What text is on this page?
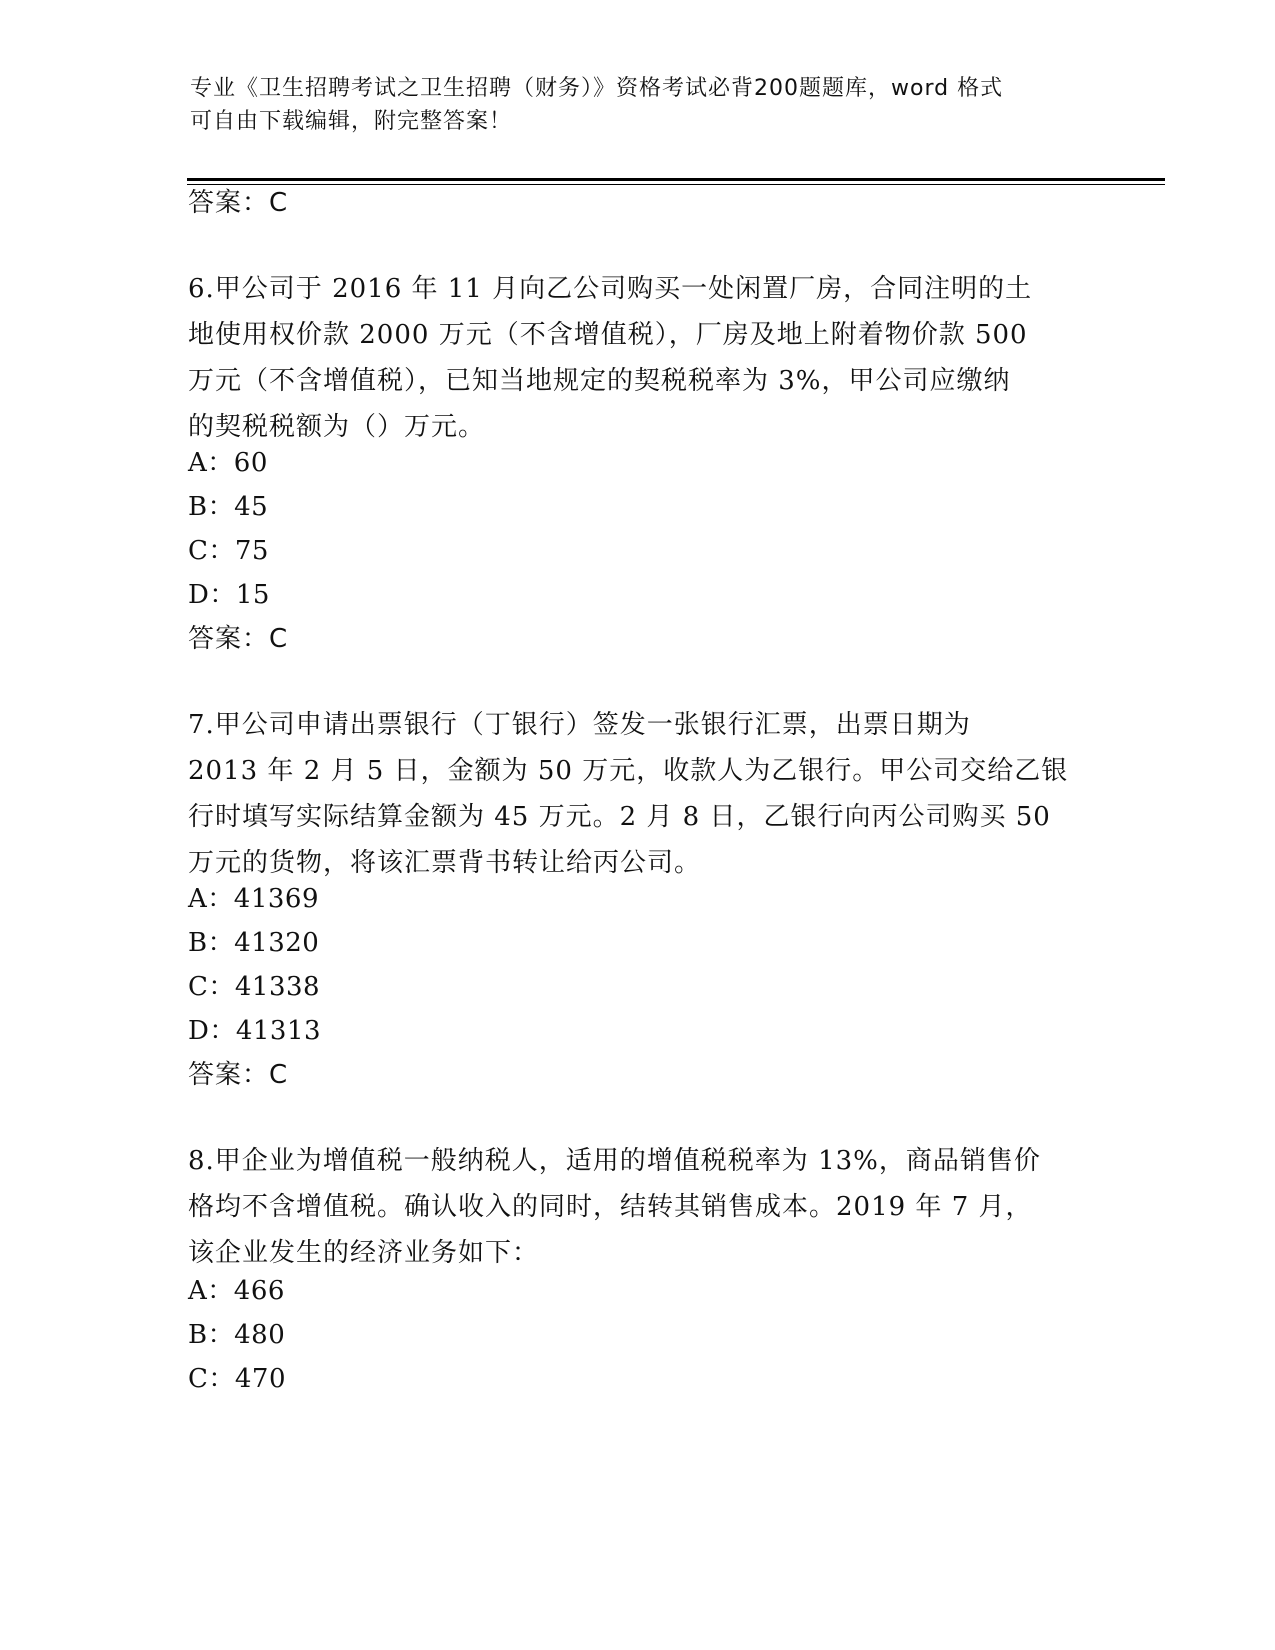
专业《卫生招聘考试之卫生招聘（财务）》资格考试必背200题题库，word 格式
可自由下载编辑，附完整答案！
答案：C
6.甲公司于 2016 年 11 月向乙公司购买一处闲置厂房，合同注明的土
地使用权价款 2000 万元（不含增值税），厂房及地上附着物价款 500
万元（不含增值税），已知当地规定的契税税率为 3%，甲公司应缴纳
的契税税额为（）万元。
A：60
B：45
C：75
D：15
答案：C
7.甲公司申请出票银行（丁银行）签发一张银行汇票，出票日期为
2013 年 2 月 5 日，金额为 50 万元，收款人为乙银行。甲公司交给乙银
行时填写实际结算金额为 45 万元。2 月 8 日，乙银行向丙公司购买 50
万元的货物，将该汇票背书转让给丙公司。
A：41369
B：41320
C：41338
D：41313
答案：C
8.甲企业为增值税一般纳税人，适用的增值税税率为 13%，商品销售价
格均不含增值税。确认收入的同时，结转其销售成本。2019 年 7 月，
该企业发生的经济业务如下：
A：466
B：480
C：470
